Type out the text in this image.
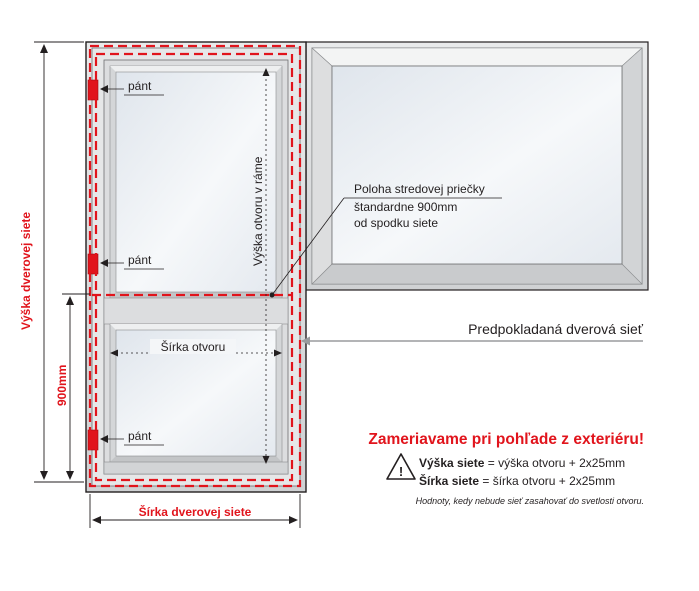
Výška otvoru v ráme
Šírka otvoru
pánt
pánt
pánt
Výška dverovej siete
900mm
Šírka dverovej siete
Poloha stredovej priečky
štandardne 900mm
od spodku siete
Predpokladaná dverová sieť
Zameriavame pri pohľade z exteriéru!
!
Výška siete = výška otvoru + 2x25mm
Šírka siete = šírka otvoru + 2x25mm
Hodnoty, kedy nebude sieť zasahovať do svetlosti otvoru.
